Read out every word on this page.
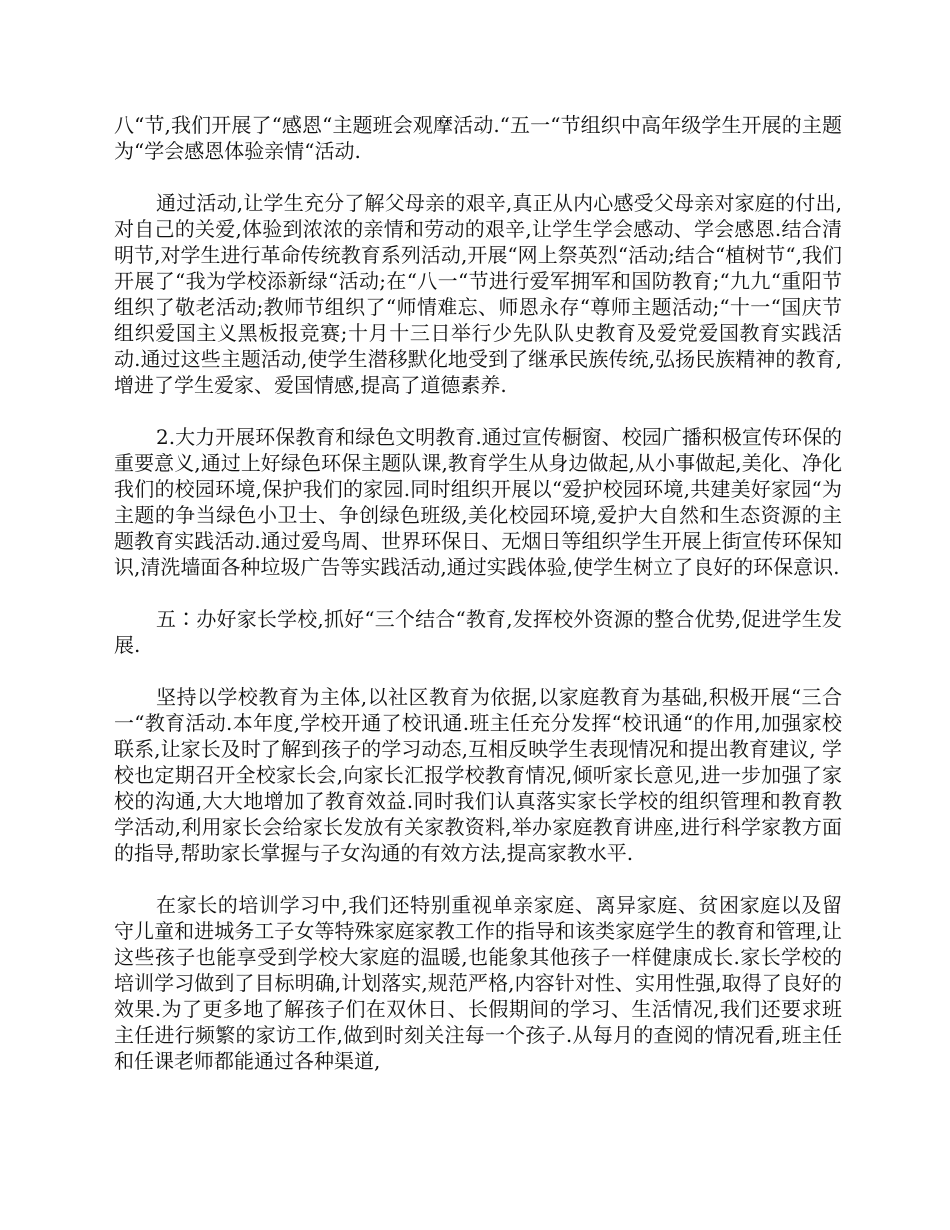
八“节,我们开展了“感恩“主题班会观摩活动.“五一“节组织中高年级学生开展的主题为“学会感恩体验亲情“活动.

通过活动,让学生充分了解父母亲的艰辛,真正从内心感受父母亲对家庭的付出,对自己的关爱,体验到浓浓的亲情和劳动的艰辛,让学生学会感动、学会感恩.结合清明节,对学生进行革命传统教育系列活动,开展“网上祭英烈“活动;结合“植树节“,我们开展了“我为学校添新绿“活动;在“八一“节进行爱军拥军和国防教育;“九九“重阳节组织了敬老活动;教师节组织了“师情难忘、师恩永存“尊师主题活动;“十一“国庆节组织爱国主义黑板报竞赛;十月十三日举行少先队队史教育及爱党爱国教育实践活动.通过这些主题活动,使学生潜移默化地受到了继承民族传统,弘扬民族精神的教育,增进了学生爱家、爱国情感,提高了道德素养.

2.大力开展环保教育和绿色文明教育.通过宣传橱窗、校园广播积极宣传环保的重要意义,通过上好绿色环保主题队课,教育学生从身边做起,从小事做起,美化、净化我们的校园环境,保护我们的家园.同时组织开展以“爱护校园环境,共建美好家园“为主题的争当绿色小卫士、争创绿色班级,美化校园环境,爱护大自然和生态资源的主题教育实践活动.通过爱鸟周、世界环保日、无烟日等组织学生开展上街宣传环保知识,清洗墙面各种垃圾广告等实践活动,通过实践体验,使学生树立了良好的环保意识.

五∶办好家长学校,抓好“三个结合“教育,发挥校外资源的整合优势,促进学生发展.

坚持以学校教育为主体,以社区教育为依据,以家庭教育为基础,积极开展“三合一“教育活动.本年度,学校开通了校讯通.班主任充分发挥“校讯通“的作用,加强家校联系,让家长及时了解到孩子的学习动态,互相反映学生表现情况和提出教育建议, 学校也定期召开全校家长会,向家长汇报学校教育情况,倾听家长意见,进一步加强了家校的沟通,大大地增加了教育效益.同时我们认真落实家长学校的组织管理和教育教学活动,利用家长会给家长发放有关家教资料,举办家庭教育讲座,进行科学家教方面的指导,帮助家长掌握与子女沟通的有效方法,提高家教水平.

在家长的培训学习中,我们还特别重视单亲家庭、离异家庭、贫困家庭以及留守儿童和进城务工子女等特殊家庭家教工作的指导和该类家庭学生的教育和管理,让这些孩子也能享受到学校大家庭的温暖,也能象其他孩子一样健康成长.家长学校的培训学习做到了目标明确,计划落实,规范严格,内容针对性、实用性强,取得了良好的效果.为了更多地了解孩子们在双休日、长假期间的学习、生活情况,我们还要求班主任进行频繁的家访工作,做到时刻关注每一个孩子.从每月的查阅的情况看,班主任和任课老师都能通过各种渠道,
